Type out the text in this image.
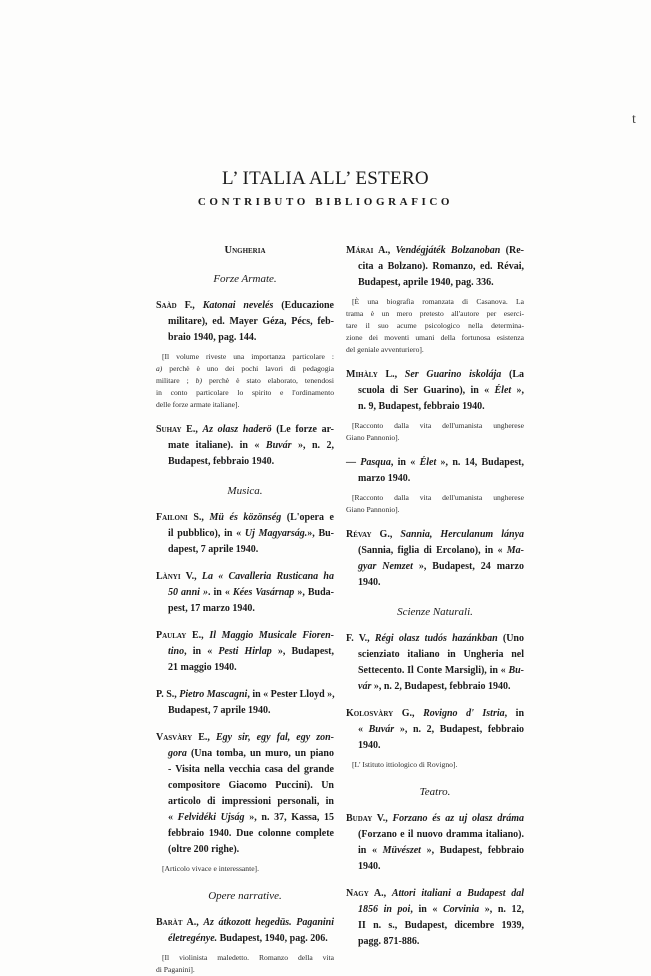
L’ ITALIA ALL’ ESTERO
CONTRIBUTO BIBLIOGRAFICO
t
Ungheria
Forze Armate.
Saàd F., Katonai nevelés (Educazione
militare), ed. Mayer Géza, Pécs, feb-
braio 1940, pag. 144.
[Il volume riveste una importanza particolare :
a) perchè è uno dei pochi lavori di pedagogia
militare ; b) perchè è stato elaborato, tenendosi
in conto particolare lo spirito e l'ordinamento
delle forze armate italiane].
Suhay E., Az olasz haderö (Le forze ar-
mate italiane). in « Buvár », n. 2,
Budapest, febbraio 1940.
Musica.
Failoni S., Mü és közönség (L'opera e
il pubblico), in « Uj Magyarság.», Bu-
dapest, 7 aprile 1940.
Lànyi V., La « Cavalleria Rusticana ha
50 anni ». in « Kées Vasárnap », Buda-
pest, 17 marzo 1940.
Paulay E., Il Maggio Musicale Fioren-
tino, in « Pesti Hirlap », Budapest,
21 maggio 1940.
P. S., Pietro Mascagni, in « Pester Lloyd »,
Budapest, 7 aprile 1940.
Vasvàry E., Egy sir, egy fal, egy zon-
gora (Una tomba, un muro, un piano
- Visita nella vecchia casa del grande
compositore Giacomo Puccini). Un
articolo di impressioni personali, in
« Felvidéki Ujság », n. 37, Kassa, 15
febbraio 1940. Due colonne complete
(oltre 200 righe).
[Articolo vivace e interessante].
Opere narrative.
Baràt A., Az átkozott hegedüs. Paganini
életregénye. Budapest, 1940, pag. 206.
[Il violinista maledetto. Romanzo della vita
di Paganini].
Márai A., Vendégjáték Bolzanoban (Re-
cita a Bolzano). Romanzo, ed. Révai,
Budapest, aprile 1940, pag. 336.
[È una biografia romanzata di Casanova. La
trama è un mero pretesto all'autore per eserci-
tare il suo acume psicologico nella determina-
zione dei moventi umani della fortunosa esistenza
del geniale avventuriero].
Mihàly L., Ser Guarino iskolája (La
scuola di Ser Guarino), in « Élet »,
n. 9, Budapest, febbraio 1940.
[Racconto dalla vita dell'umanista ungherese
Giano Pannonio].
— Pasqua, in « Élet », n. 14, Budapest,
marzo 1940.
[Racconto dalla vita dell'umanista ungherese
Giano Pannonio].
Révay G., Sannia, Herculanum lánya
(Sannia, figlia di Ercolano), in « Ma-
gyar Nemzet », Budapest, 24 marzo
1940.
Scienze Naturali.
F. V., Régi olasz tudós hazánkban (Uno
scienziato italiano in Ungheria nel
Settecento. Il Conte Marsigli), in « Bu-
vár », n. 2, Budapest, febbraio 1940.
Kolosvàry G., Rovigno d' Istria, in
« Buvár », n. 2, Budapest, febbraio 1940.
[L' Istituto ittiologico di Rovigno].
Teatro.
Buday V., Forzano és az uj olasz dráma
(Forzano e il nuovo dramma italiano).
in « Müvészet », Budapest, febbraio
1940.
Nagy A., Attori italiani a Budapest dal
1856 in poi, in « Corvinia », n. 12,
II n. s., Budapest, dicembre 1939,
pagg. 871-886.
